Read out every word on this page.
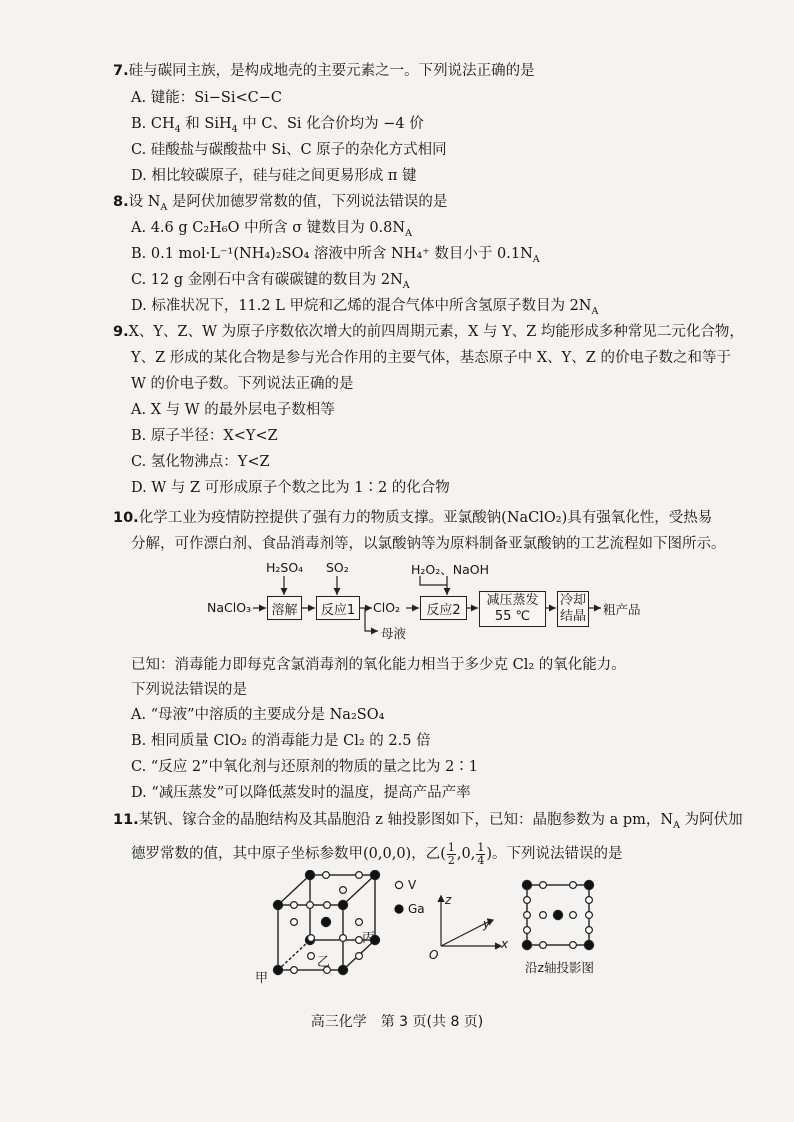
7.硅与碳同主族，是构成地壳的主要元素之一。下列说法正确的是
A. 键能：Si−Si<C−C
B. $CH_4$ 和 SiH$_4$ 中 C、Si 化合价均为 −4 价
C. 硅酸盐与碳酸盐中 Si、C 原子的杂化方式相同
D. 相比较碳原子，硅与硅之间更易形成 π 键
8.设 $N_A$ 是阿伏加德罗常数的值，下列说法错误的是
A. 4.6 g C₂H₆O 中所含 σ 键数目为 $0.8N_A$
B. 0.1 mol·L⁻¹(NH₄)₂SO₄ 溶液中所含 NH₄⁺ 数目小于 $0.1N_A$
C. 12 g 金刚石中含有碳碳键的数目为 $2N_A$
D. 标准状况下，11.2 L 甲烷和乙烯的混合气体中所含氢原子数目为 $2N_A$
9.X、Y、Z、W 为原子序数依次增大的前四周期元素，X 与 Y、Z 均能形成多种常见二元化合物，
Y、Z 形成的某化合物是参与光合作用的主要气体，基态原子中 X、Y、Z 的价电子数之和等于
W 的价电子数。下列说法正确的是
A. X 与 W 的最外层电子数相等
B. 原子半径：X<Y<Z
C. 氢化物沸点：Y<Z
D. W 与 Z 可形成原子个数之比为 1∶2 的化合物
10.化学工业为疫情防控提供了强有力的物质支撑。亚氯酸钠(NaClO₂)具有强氧化性，受热易
分解，可作漂白剂、食品消毒剂等，以氯酸钠等为原料制备亚氯酸钠的工艺流程如下图所示。
NaClO₃	溶解	反应1	ClO₂	反应2
减压蒸发
55 ℃
冷却
结晶 粗产品
H₂SO₄ SO₂	H₂O₂、NaOH
母液
已知：消毒能力即每克含氯消毒剂的氧化能力相当于多少克 Cl₂ 的氧化能力。
下列说法错误的是
A. “母液”中溶质的主要成分是 Na₂SO₄
B. 相同质量 ClO₂ 的消毒能力是 Cl₂ 的 2.5 倍
C. “反应 2”中氧化剂与还原剂的物质的量之比为 2∶1
D. “减压蒸发”可以降低蒸发时的温度，提高产品产率
11.某钒、镓合金的晶胞结构及其晶胞沿 z 轴投影图如下，已知：晶胞参数为 a pm，$N_A$ 为阿伏加
德罗常数的值，其中原子坐标参数甲(0,0,0)，乙( $\frac{1}{2} ,0$, $\frac{1}{4}$ )。下列说法错误的是
甲
乙
丙
V
Ga
z
y
x
O
沿z轴投影图
高三化学　第 3 页(共 8 页)
